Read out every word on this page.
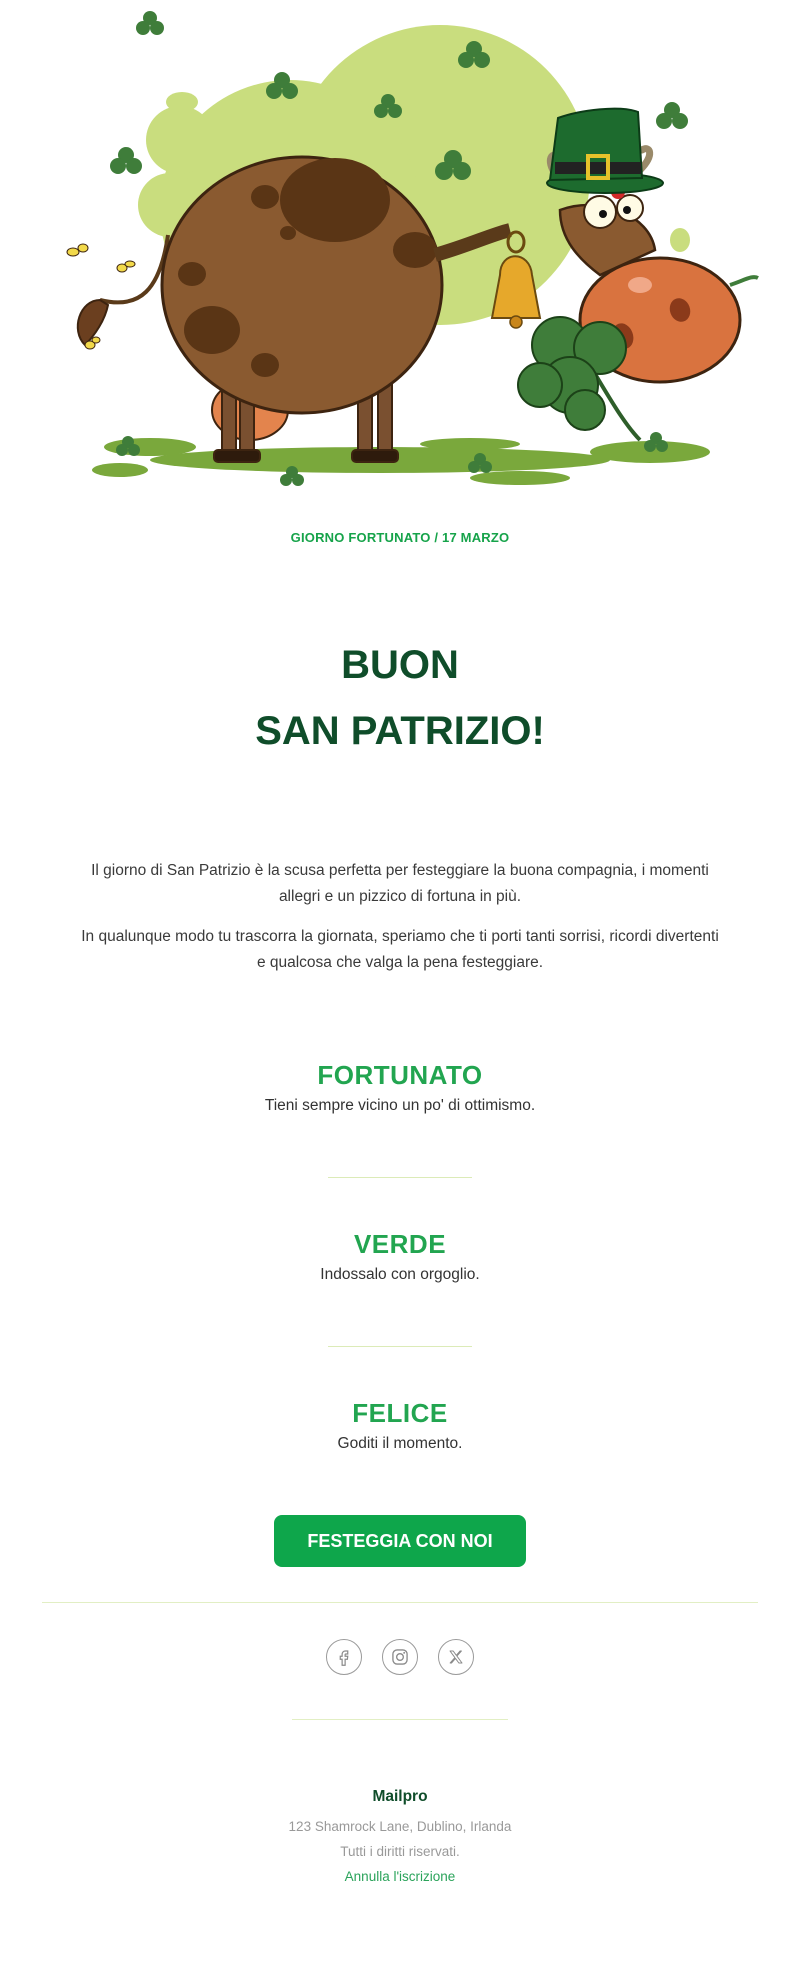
GIORNO FORTUNATO / 17 MARZO
BUON
SAN PATRIZIO!

Il giorno di San Patrizio è la scusa perfetta per festeggiare la buona compagnia, i momenti allegri e un pizzico di fortuna in più.

In qualunque modo tu trascorra la giornata, speriamo che ti porti tanti sorrisi, ricordi divertenti e qualcosa che valga la pena festeggiare.

FORTUNATO

Tieni sempre vicino un po' di ottimismo.

VERDE

Indossalo con orgoglio.

FELICE

Goditi il momento.

FESTEGGIA CON NOI
Mailpro
123 Shamrock Lane, Dublino, Irlanda
Tutti i diritti riservati.
Annulla l'iscrizione
